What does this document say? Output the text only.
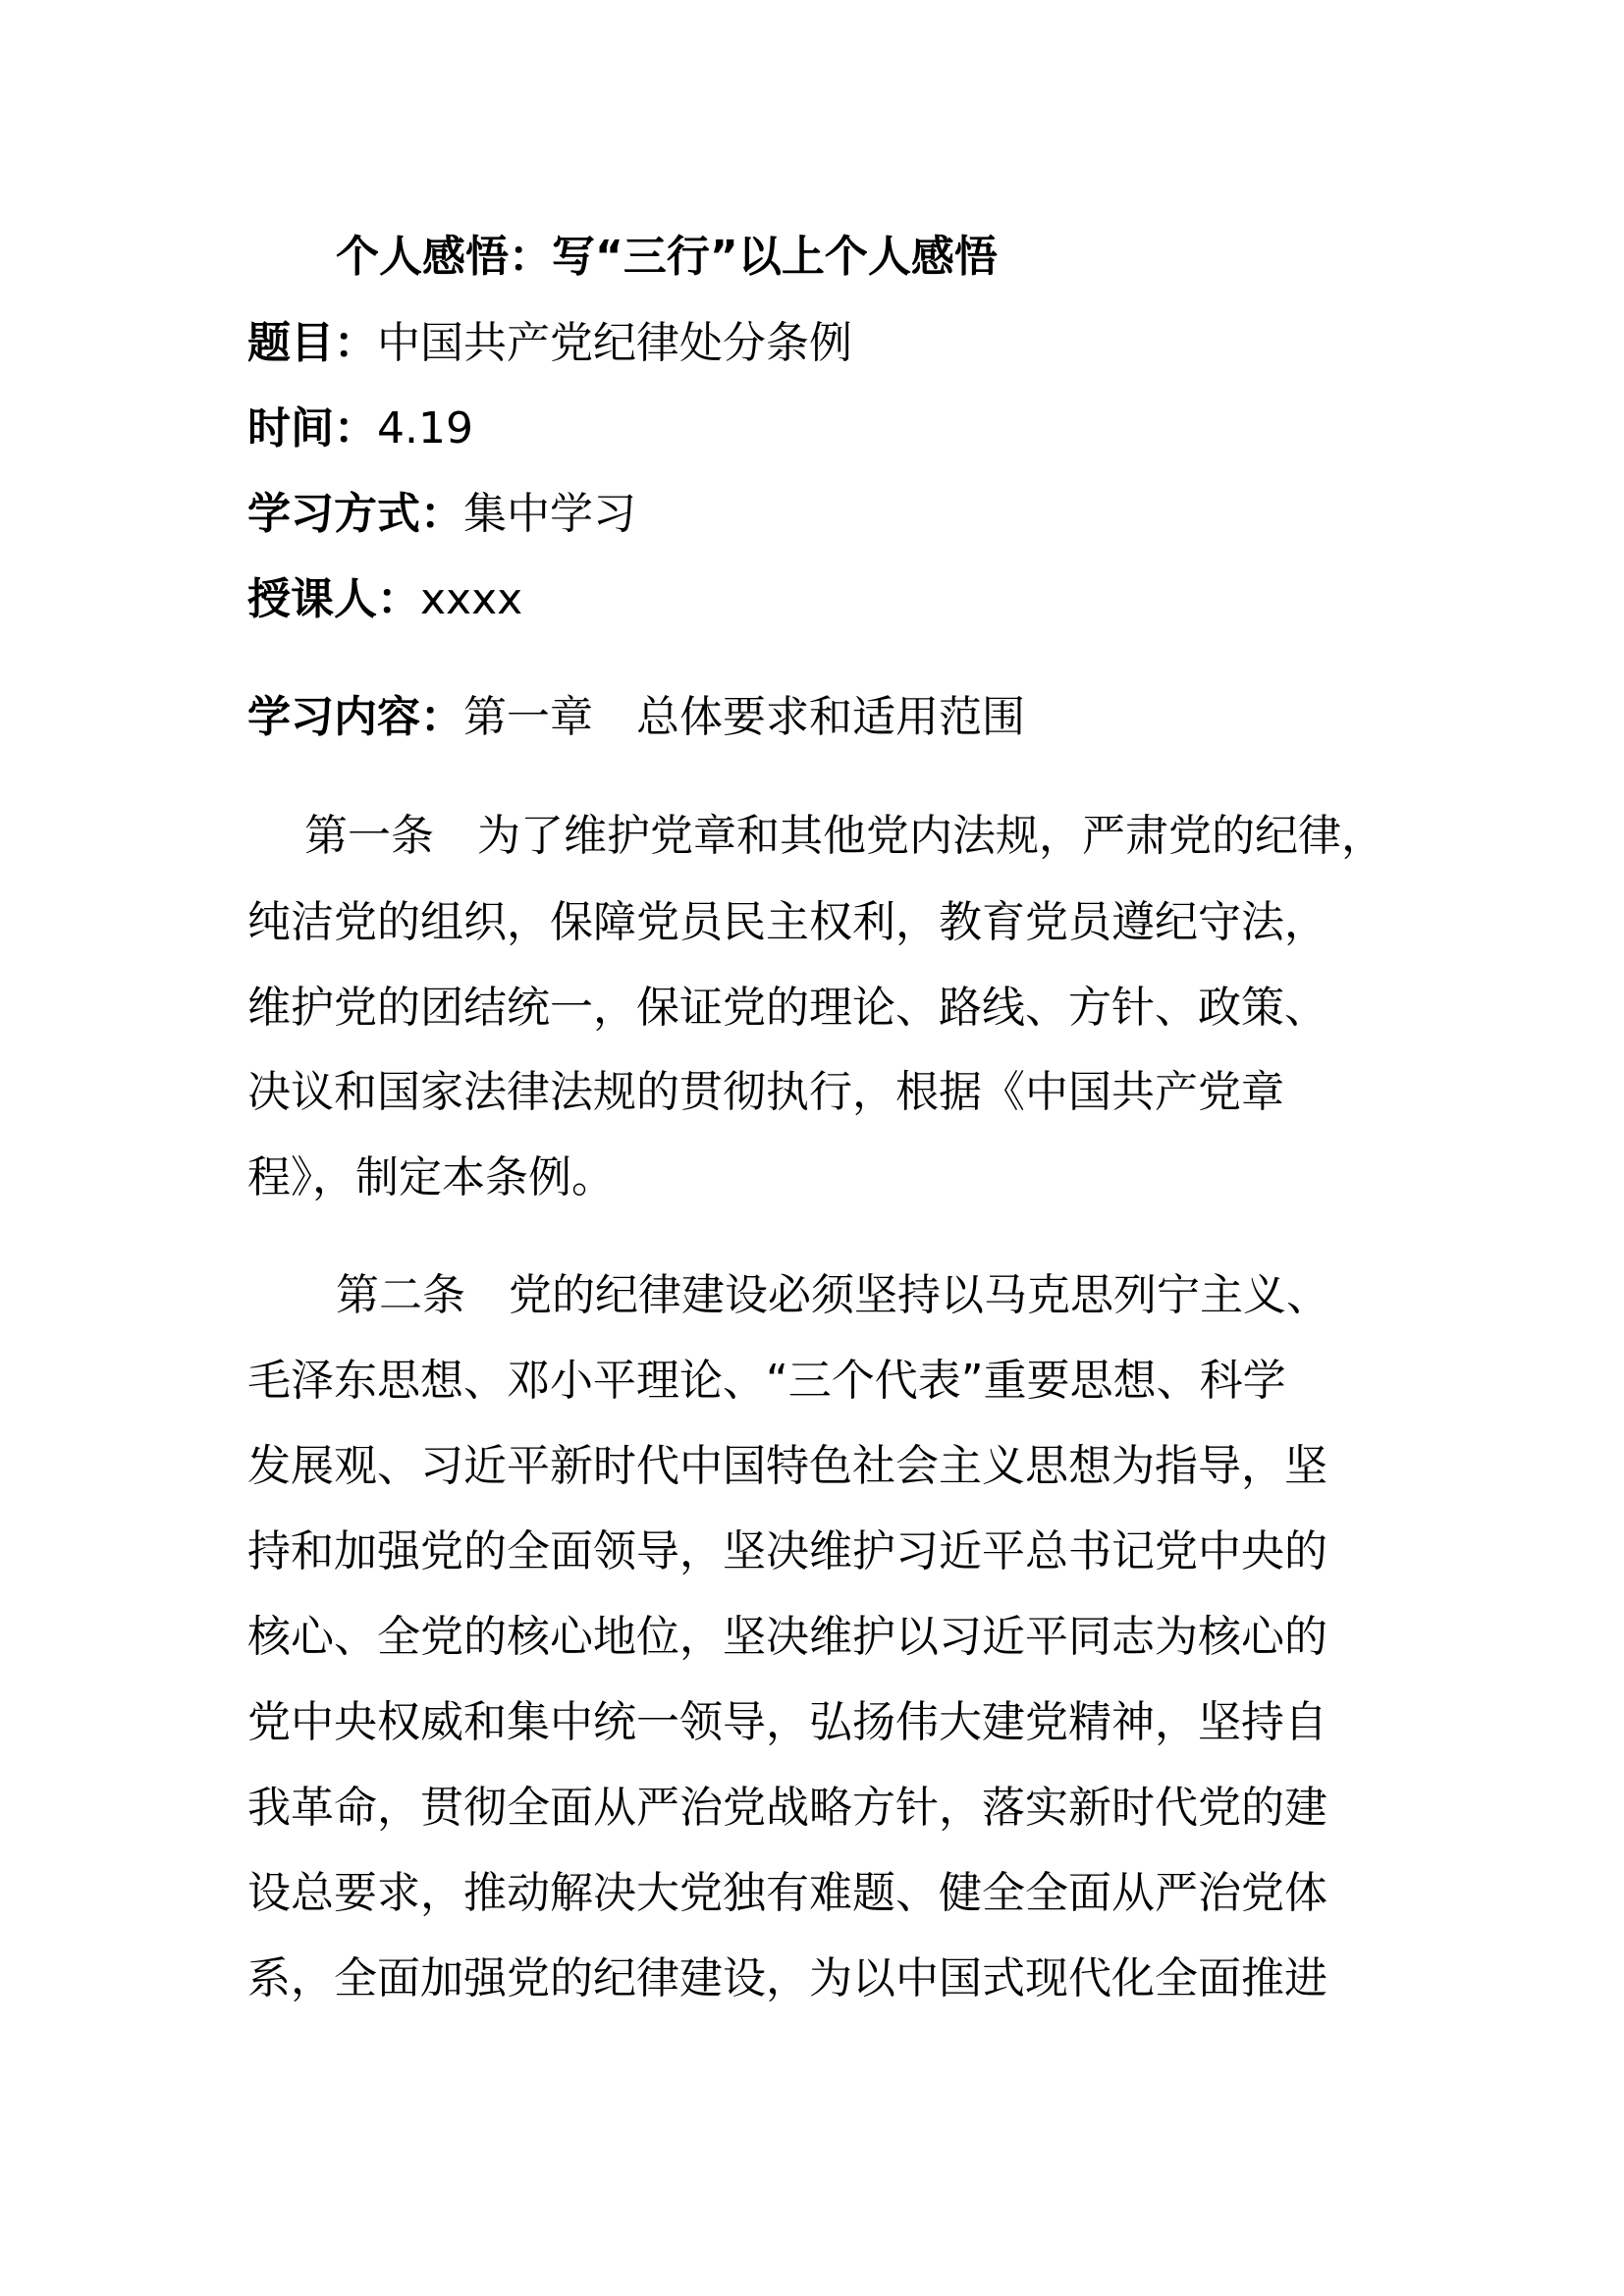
个人感悟：写“三行”以上个人感悟
题目：中国共产党纪律处分条例
时间：4.19
学习方式：集中学习
授课人：xxxx
学习内容：第一章　总体要求和适用范围
第一条　为了维护党章和其他党内法规，严肃党的纪律，
纯洁党的组织，保障党员民主权利，教育党员遵纪守法，
维护党的团结统一，保证党的理论、路线、方针、政策、
决议和国家法律法规的贯彻执行，根据《中国共产党章
程》，制定本条例。
第二条　党的纪律建设必须坚持以马克思列宁主义、
毛泽东思想、邓小平理论、“三个代表”重要思想、科学
发展观、习近平新时代中国特色社会主义思想为指导，坚
持和加强党的全面领导，坚决维护习近平总书记党中央的
核心、全党的核心地位，坚决维护以习近平同志为核心的
党中央权威和集中统一领导，弘扬伟大建党精神，坚持自
我革命，贯彻全面从严治党战略方针，落实新时代党的建
设总要求，推动解决大党独有难题、健全全面从严治党体
系，全面加强党的纪律建设，为以中国式现代化全面推进
